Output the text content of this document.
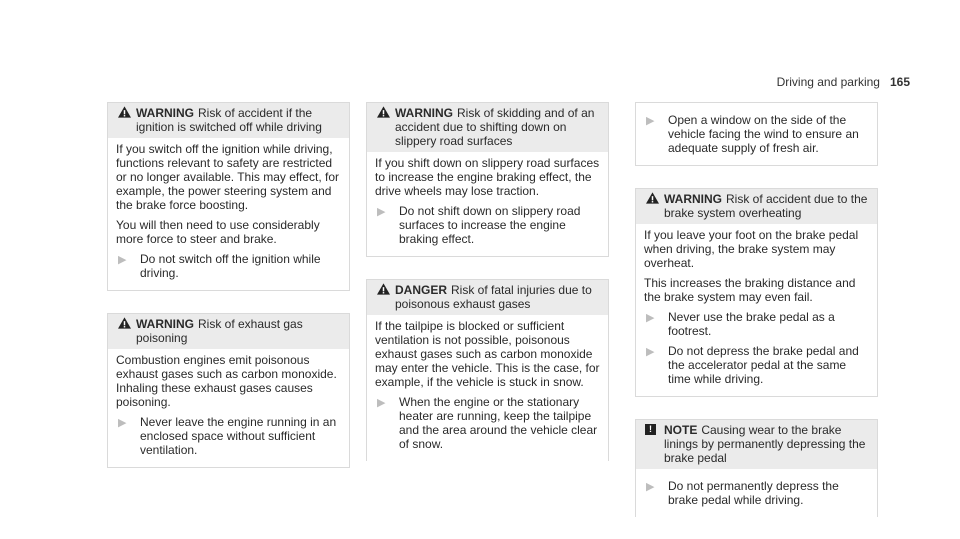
Driving and parking 165
WARNING Risk of accident if the ignition is switched off while driving

If you switch off the ignition while driving, functions relevant to safety are restricted or no longer available. This may effect, for example, the power steering system and the brake force boosting.

You will then need to use considerably more force to steer and brake.

▶ Do not switch off the ignition while driving.
WARNING Risk of exhaust gas poisoning

Combustion engines emit poisonous exhaust gases such as carbon monoxide. Inhaling these exhaust gases causes poisoning.

▶ Never leave the engine running in an enclosed space without sufficient ventilation.
WARNING Risk of skidding and of an accident due to shifting down on slippery road surfaces

If you shift down on slippery road surfaces to increase the engine braking effect, the drive wheels may lose traction.

▶ Do not shift down on slippery road surfaces to increase the engine braking effect.
DANGER Risk of fatal injuries due to poisonous exhaust gases

If the tailpipe is blocked or sufficient ventilation is not possible, poisonous exhaust gases such as carbon monoxide may enter the vehicle. This is the case, for example, if the vehicle is stuck in snow.

▶ When the engine or the stationary heater are running, keep the tailpipe and the area around the vehicle clear of snow.
▶ Open a window on the side of the vehicle facing the wind to ensure an adequate supply of fresh air.
WARNING Risk of accident due to the brake system overheating

If you leave your foot on the brake pedal when driving, the brake system may overheat.

This increases the braking distance and the brake system may even fail.

▶ Never use the brake pedal as a footrest.
▶ Do not depress the brake pedal and the accelerator pedal at the same time while driving.
!	NOTE Causing wear to the brake linings by permanently depressing the brake pedal
▶ Do not permanently depress the brake pedal while driving.
